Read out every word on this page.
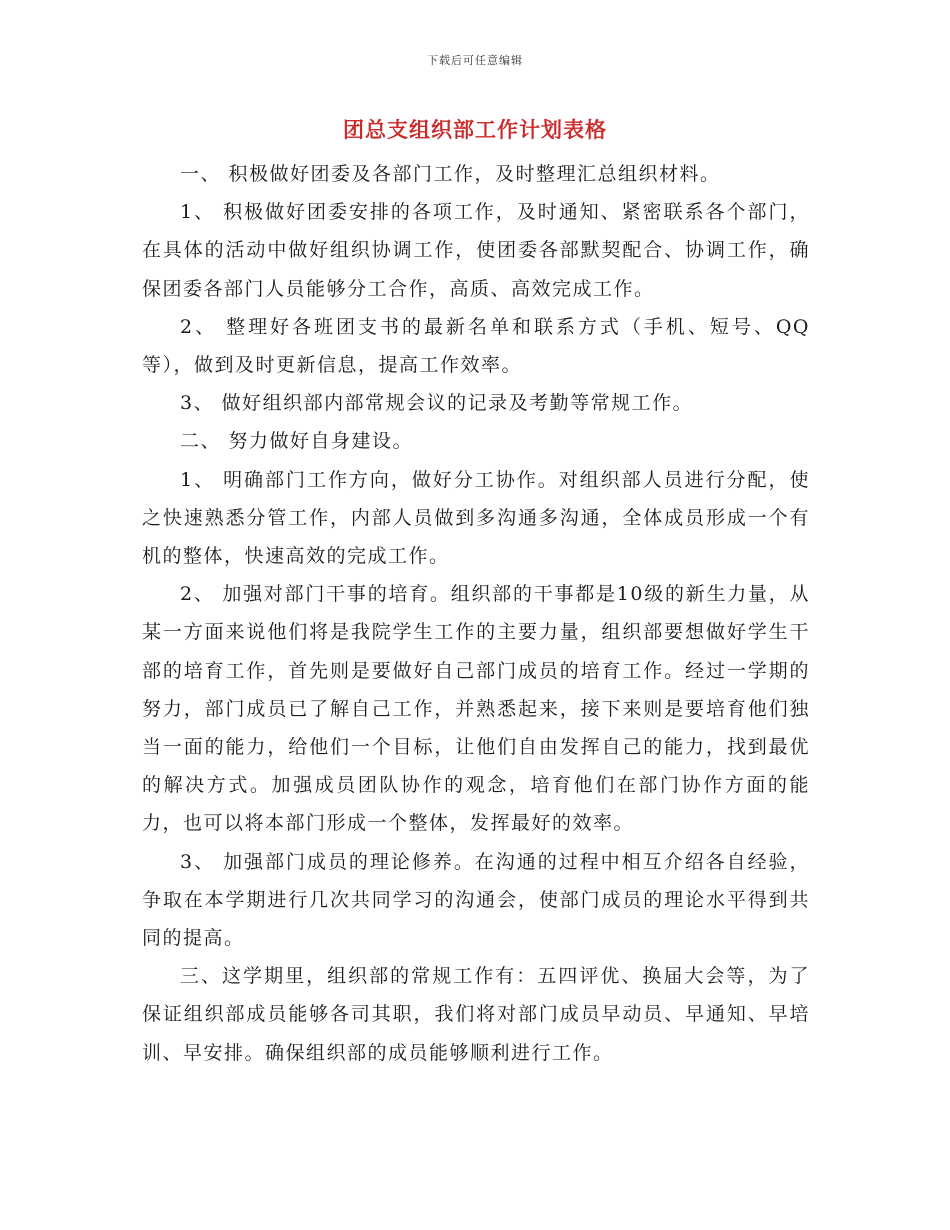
下载后可任意编辑
团总支组织部工作计划表格

一、 积极做好团委及各部门工作，及时整理汇总组织材料。

1、 积极做好团委安排的各项工作，及时通知、紧密联系各个部门，在具体的活动中做好组织协调工作，使团委各部默契配合、协调工作，确保团委各部门人员能够分工合作，高质、高效完成工作。

2、 整理好各班团支书的最新名单和联系方式（手机、短号、QQ等），做到及时更新信息，提高工作效率。

3、 做好组织部内部常规会议的记录及考勤等常规工作。

二、 努力做好自身建设。

1、 明确部门工作方向，做好分工协作。对组织部人员进行分配，使之快速熟悉分管工作，内部人员做到多沟通多沟通，全体成员形成一个有机的整体，快速高效的完成工作。

2、 加强对部门干事的培育。组织部的干事都是10级的新生力量，从某一方面来说他们将是我院学生工作的主要力量，组织部要想做好学生干部的培育工作，首先则是要做好自己部门成员的培育工作。经过一学期的努力，部门成员已了解自己工作，并熟悉起来，接下来则是要培育他们独当一面的能力，给他们一个目标，让他们自由发挥自己的能力，找到最优的解决方式。加强成员团队协作的观念，培育他们在部门协作方面的能力，也可以将本部门形成一个整体，发挥最好的效率。

3、 加强部门成员的理论修养。在沟通的过程中相互介绍各自经验，争取在本学期进行几次共同学习的沟通会，使部门成员的理论水平得到共同的提高。

三、这学期里，组织部的常规工作有：五四评优、换届大会等，为了保证组织部成员能够各司其职，我们将对部门成员早动员、早通知、早培训、早安排。确保组织部的成员能够顺利进行工作。
